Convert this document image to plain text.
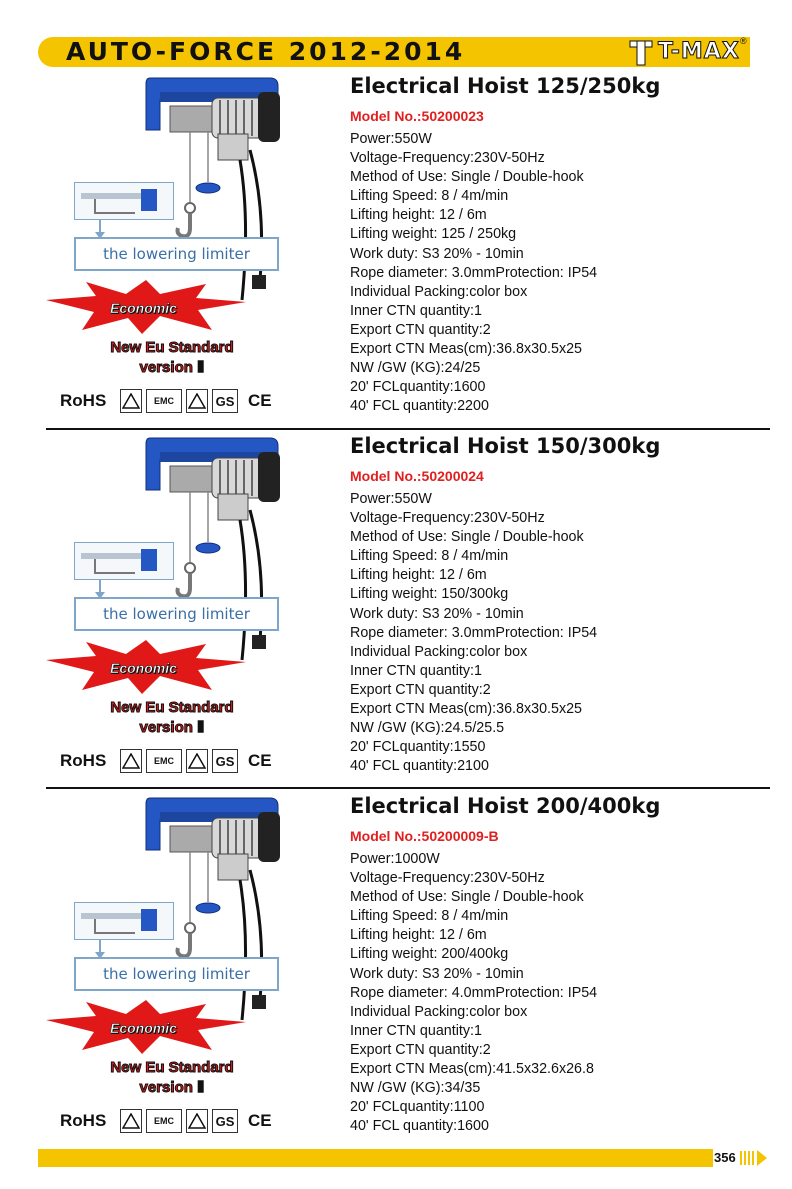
AUTO-FORCE 2012-2014	T-MAX ®
Electrical Hoist 125/250kg
Model No.:50200023
Power:550W
Voltage-Frequency:230V-50Hz
Method of Use: Single / Double-hook
Lifting Speed: 8 / 4m/min
Lifting height: 12 / 6m
Lifting weight: 125 / 250kg
Work duty: S3 20% - 10min
Rope diameter: 3.0mmProtection: IP54
Individual Packing:color box
Inner CTN quantity:1
Export CTN quantity:2
Export CTN Meas(cm):36.8x30.5x25
NW /GW (KG):24/25
20' FCLquantity:1600
40' FCL quantity:2200
the lowering limiter
Economic
New Eu Standard
version Ⅱ
RoHS	EMC	GS CE
Electrical Hoist 150/300kg
Model No.:50200024
Power:550W
Voltage-Frequency:230V-50Hz
Method of Use: Single / Double-hook
Lifting Speed: 8 / 4m/min
Lifting height: 12 / 6m
Lifting weight: 150/300kg
Work duty: S3 20% - 10min
Rope diameter: 3.0mmProtection: IP54
Individual Packing:color box
Inner CTN quantity:1
Export CTN quantity:2
Export CTN Meas(cm):36.8x30.5x25
NW /GW (KG):24.5/25.5
20' FCLquantity:1550
40' FCL quantity:2100
the lowering limiter
Economic
New Eu Standard
version Ⅱ
RoHS	EMC	GS CE
Electrical Hoist 200/400kg
Model No.:50200009-B
Power:1000W
Voltage-Frequency:230V-50Hz
Method of Use: Single / Double-hook
Lifting Speed: 8 / 4m/min
Lifting height: 12 / 6m
Lifting weight: 200/400kg
Work duty: S3 20% - 10min
Rope diameter: 4.0mmProtection: IP54
Individual Packing:color box
Inner CTN quantity:1
Export CTN quantity:2
Export CTN Meas(cm):41.5x32.6x26.8
NW /GW (KG):34/35
20' FCLquantity:1100
40' FCL quantity:1600
the lowering limiter
Economic
New Eu Standard
version Ⅱ
RoHS	EMC	GS CE
356
